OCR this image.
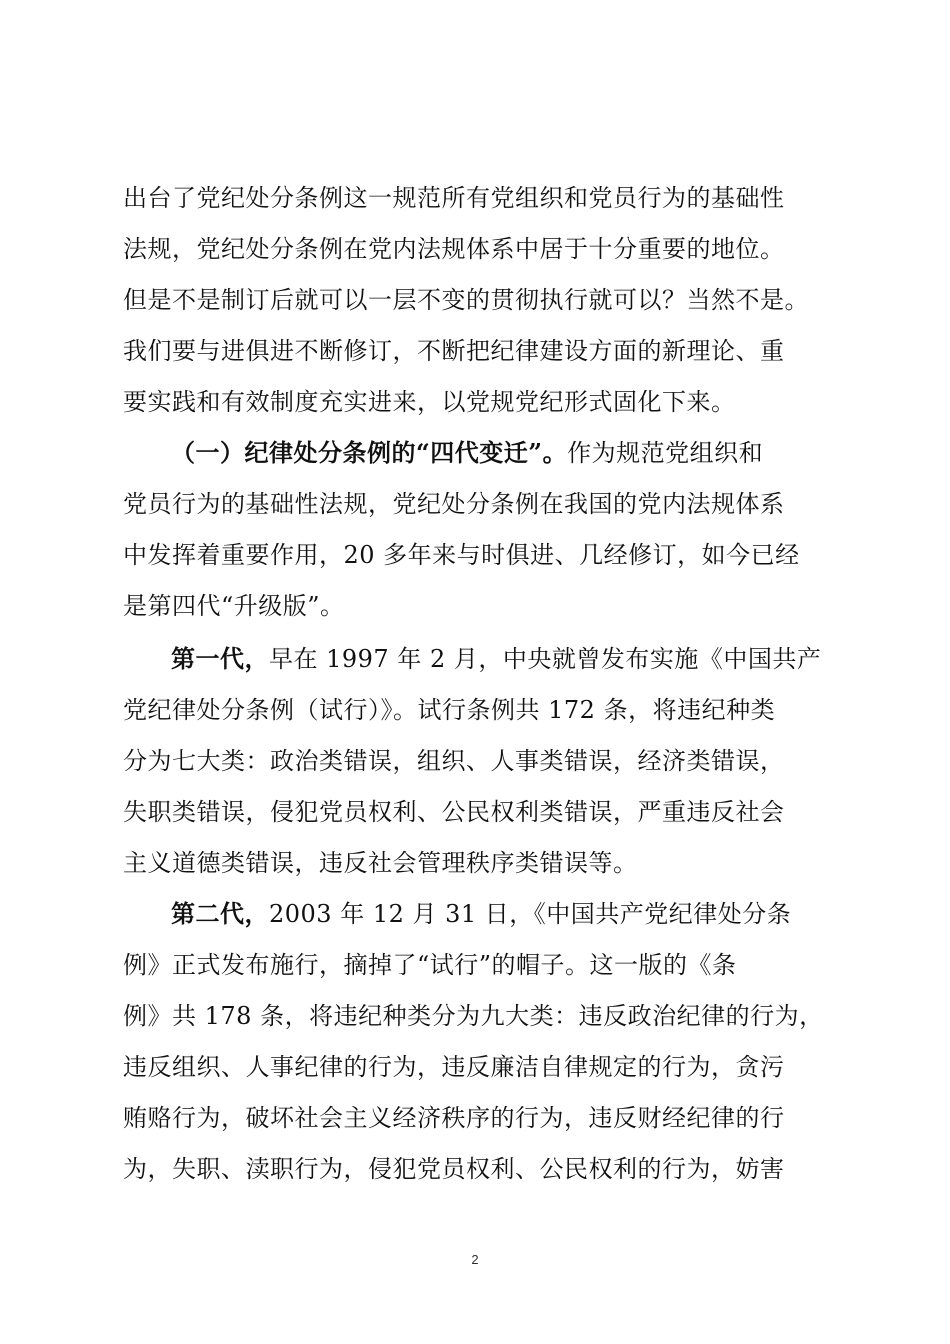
出台了党纪处分条例这一规范所有党组织和党员行为的基础性
法规，党纪处分条例在党内法规体系中居于十分重要的地位。
但是不是制订后就可以一层不变的贯彻执行就可以？当然不是。
我们要与进俱进不断修订，不断把纪律建设方面的新理论、重
要实践和有效制度充实进来，以党规党纪形式固化下来。
（一）纪律处分条例的“四代变迁”。作为规范党组织和
党员行为的基础性法规，党纪处分条例在我国的党内法规体系
中发挥着重要作用，20 多年来与时俱进、几经修订，如今已经
是第四代“升级版”。
第一代，早在 1997 年 2 月，中央就曾发布实施《中国共产
党纪律处分条例（试行）》。试行条例共 172 条，将违纪种类
分为七大类：政治类错误，组织、人事类错误，经济类错误，
失职类错误，侵犯党员权利、公民权利类错误，严重违反社会
主义道德类错误，违反社会管理秩序类错误等。
第二代，2003 年 12 月 31 日，《中国共产党纪律处分条
例》正式发布施行，摘掉了“试行”的帽子。这一版的《条
例》共 178 条，将违纪种类分为九大类：违反政治纪律的行为，
违反组织、人事纪律的行为，违反廉洁自律规定的行为，贪污
贿赂行为，破坏社会主义经济秩序的行为，违反财经纪律的行
为，失职、渎职行为，侵犯党员权利、公民权利的行为，妨害
2
